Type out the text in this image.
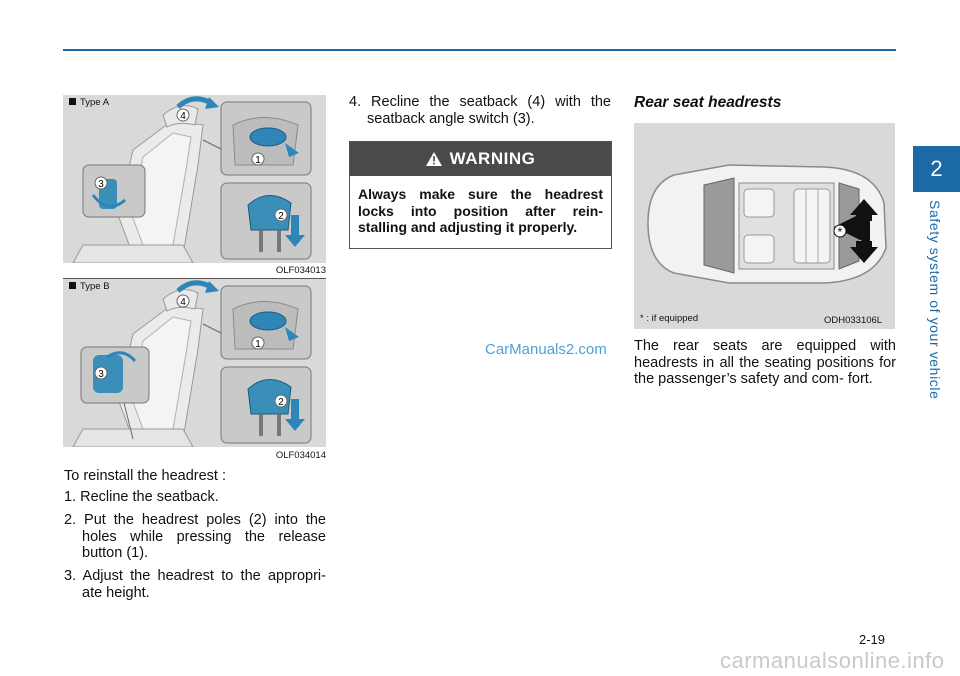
2
Safety system of your vehicle
4
1
2
3
Type A
OLF034013
4
1
2
3
Type B
OLF034014
To reinstall the headrest :
1. Recline the seatback.
2. Put the headrest poles (2) into the holes while pressing the release button (1).
3. Adjust the headrest to the appropri- ate height.
4. Recline the seatback (4) with the seatback angle switch (3).
WARNING
Always make sure the headrest locks into position after rein- stalling and adjusting it properly.
CarManuals2.com
Rear seat headrests
*
* : if equipped	ODH033106L
The rear seats are equipped with headrests in all the seating positions for the passenger’s safety and com- fort.
2-19
carmanualsonline.info
